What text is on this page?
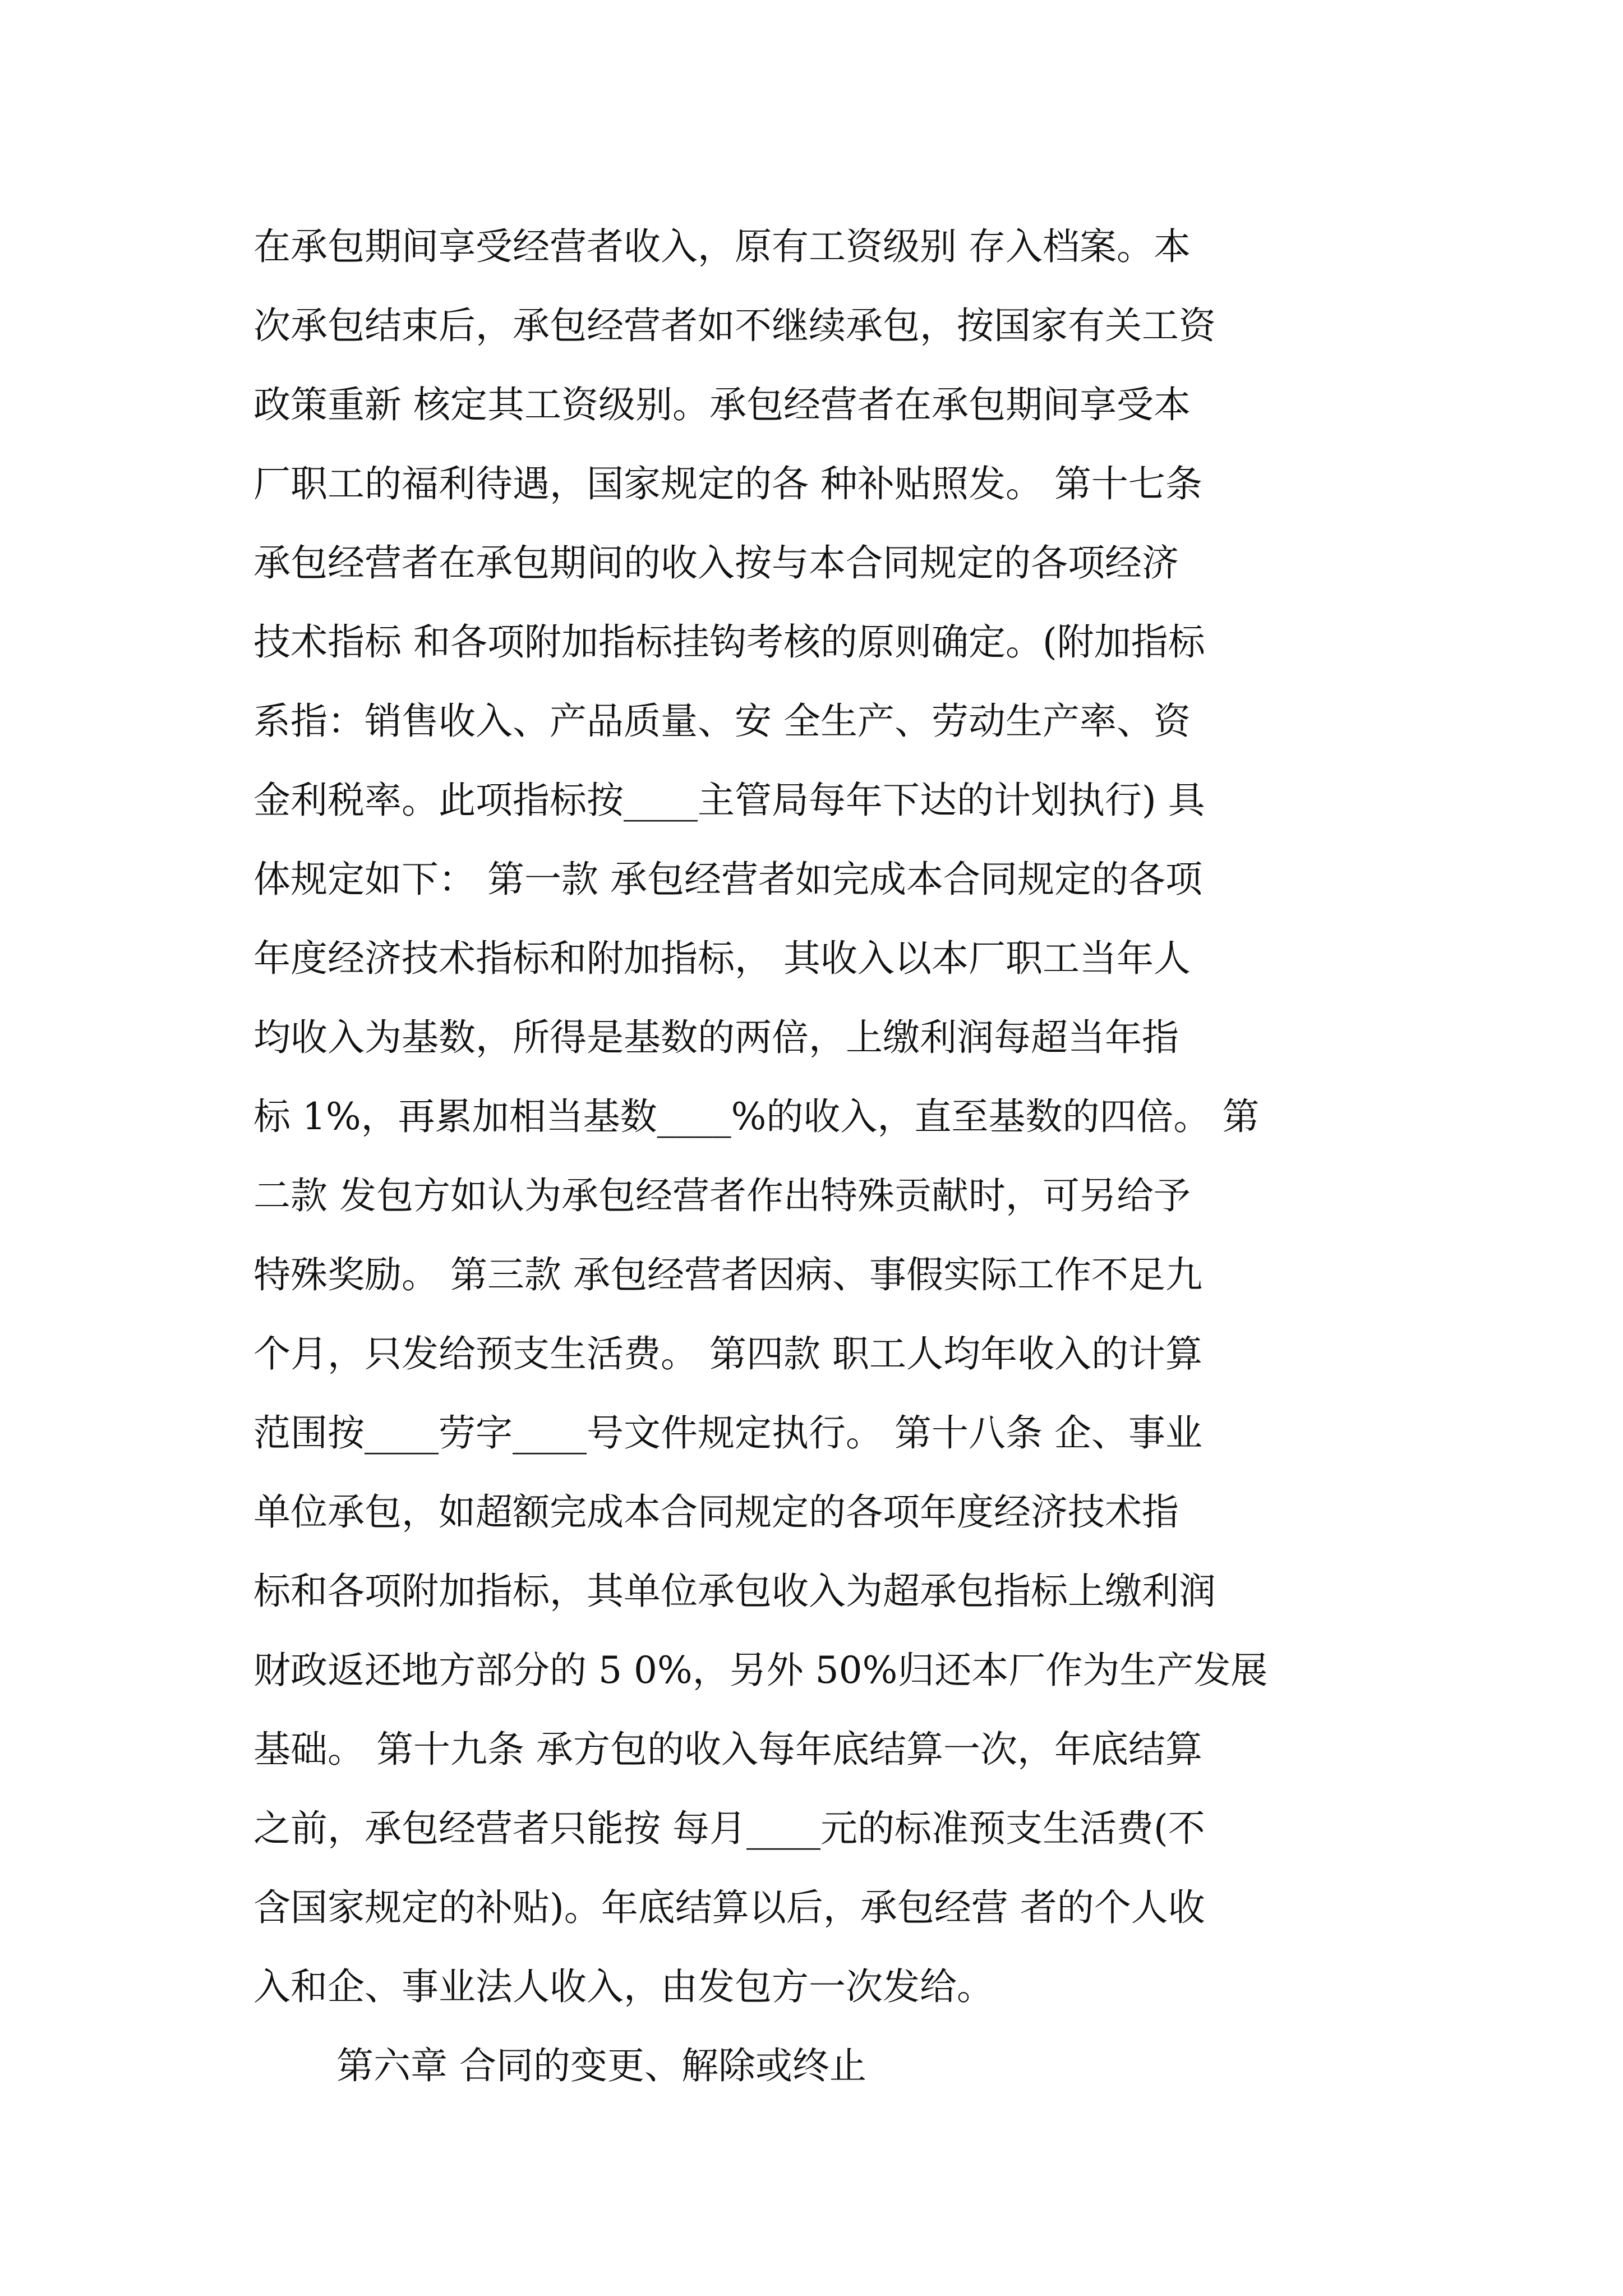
在承包期间享受经营者收入，原有工资级别 存入档案。本
次承包结束后，承包经营者如不继续承包，按国家有关工资
政策重新 核定其工资级别。承包经营者在承包期间享受本
厂职工的福利待遇，国家规定的各 种补贴照发。 第十七条
承包经营者在承包期间的收入按与本合同规定的各项经济
技术指标 和各项附加指标挂钩考核的原则确定。(附加指标
系指：销售收入、产品质量、安 全生产、劳动生产率、资
金利税率。此项指标按____主管局每年下达的计划执行) 具
体规定如下： 第一款 承包经营者如完成本合同规定的各项
年度经济技术指标和附加指标， 其收入以本厂职工当年人
均收入为基数，所得是基数的两倍，上缴利润每超当年指
标 1%，再累加相当基数____%的收入，直至基数的四倍。 第
二款 发包方如认为承包经营者作出特殊贡献时，可另给予
特殊奖励。 第三款 承包经营者因病、事假实际工作不足九
个月，只发给预支生活费。 第四款 职工人均年收入的计算
范围按____劳字____号文件规定执行。 第十八条 企、事业
单位承包，如超额完成本合同规定的各项年度经济技术指
标和各项附加指标，其单位承包收入为超承包指标上缴利润
财政返还地方部分的 5 0%，另外 50%归还本厂作为生产发展
基础。 第十九条 承方包的收入每年底结算一次，年底结算
之前，承包经营者只能按 每月____元的标准预支生活费(不
含国家规定的补贴)。年底结算以后，承包经营 者的个人收
入和企、事业法人收入，由发包方一次发给。
第六章 合同的变更、解除或终止
